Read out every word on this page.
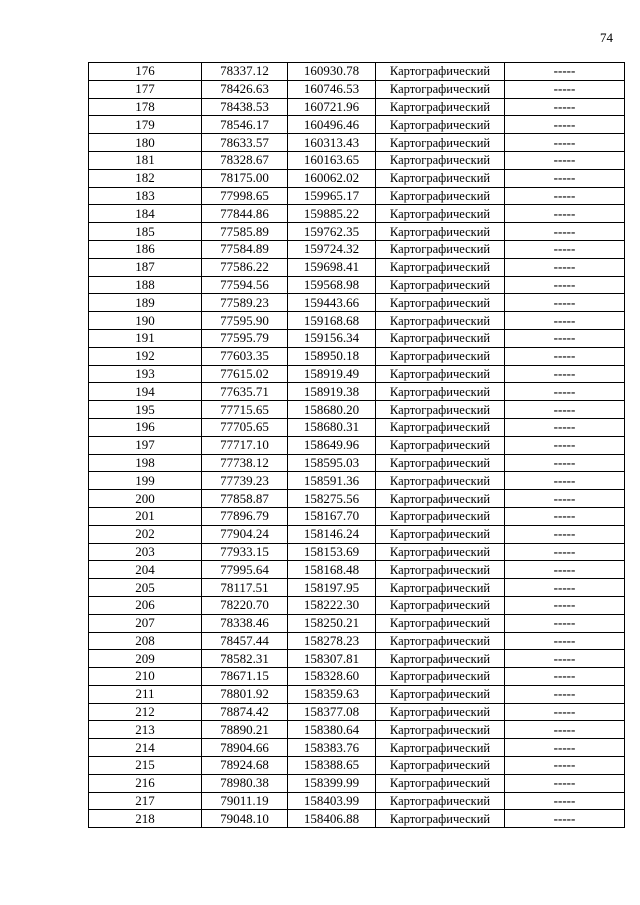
74
176	78337.12	160930.78	Картографический	-----
177	78426.63	160746.53	Картографический	-----
178	78438.53	160721.96	Картографический	-----
179	78546.17	160496.46	Картографический	-----
180	78633.57	160313.43	Картографический	-----
181	78328.67	160163.65	Картографический	-----
182	78175.00	160062.02	Картографический	-----
183	77998.65	159965.17	Картографический	-----
184	77844.86	159885.22	Картографический	-----
185	77585.89	159762.35	Картографический	-----
186	77584.89	159724.32	Картографический	-----
187	77586.22	159698.41	Картографический	-----
188	77594.56	159568.98	Картографический	-----
189	77589.23	159443.66	Картографический	-----
190	77595.90	159168.68	Картографический	-----
191	77595.79	159156.34	Картографический	-----
192	77603.35	158950.18	Картографический	-----
193	77615.02	158919.49	Картографический	-----
194	77635.71	158919.38	Картографический	-----
195	77715.65	158680.20	Картографический	-----
196	77705.65	158680.31	Картографический	-----
197	77717.10	158649.96	Картографический	-----
198	77738.12	158595.03	Картографический	-----
199	77739.23	158591.36	Картографический	-----
200	77858.87	158275.56	Картографический	-----
201	77896.79	158167.70	Картографический	-----
202	77904.24	158146.24	Картографический	-----
203	77933.15	158153.69	Картографический	-----
204	77995.64	158168.48	Картографический	-----
205	78117.51	158197.95	Картографический	-----
206	78220.70	158222.30	Картографический	-----
207	78338.46	158250.21	Картографический	-----
208	78457.44	158278.23	Картографический	-----
209	78582.31	158307.81	Картографический	-----
210	78671.15	158328.60	Картографический	-----
211	78801.92	158359.63	Картографический	-----
212	78874.42	158377.08	Картографический	-----
213	78890.21	158380.64	Картографический	-----
214	78904.66	158383.76	Картографический	-----
215	78924.68	158388.65	Картографический	-----
216	78980.38	158399.99	Картографический	-----
217	79011.19	158403.99	Картографический	-----
218	79048.10	158406.88	Картографический	-----
